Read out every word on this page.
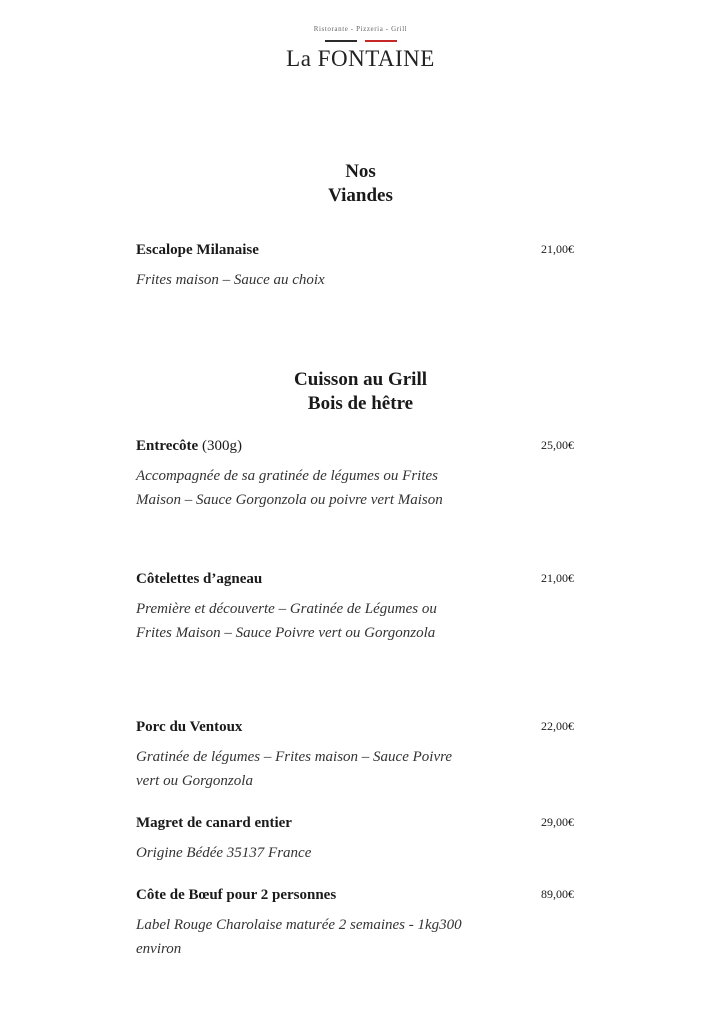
Ristorante - Pizzeria - Grill
La FONTAINE
Nos
Viandes
Escalope Milanaise	21,00€
Frites maison – Sauce au choix
Cuisson au Grill
Bois de hêtre
Entrecôte (300g)	25,00€
Accompagnée de sa gratinée de légumes ou Frites Maison – Sauce Gorgonzola ou poivre vert Maison
Côtelettes d’agneau	21,00€
Première et découverte – Gratinée de Légumes ou Frites Maison – Sauce Poivre vert ou Gorgonzola
Porc du Ventoux	22,00€
Gratinée de légumes – Frites maison – Sauce Poivre vert ou Gorgonzola
Magret de canard entier	29,00€
Origine Bédée 35137 France
Côte de Bœuf pour 2 personnes	89,00€
Label Rouge Charolaise maturée 2 semaines - 1kg300 environ
